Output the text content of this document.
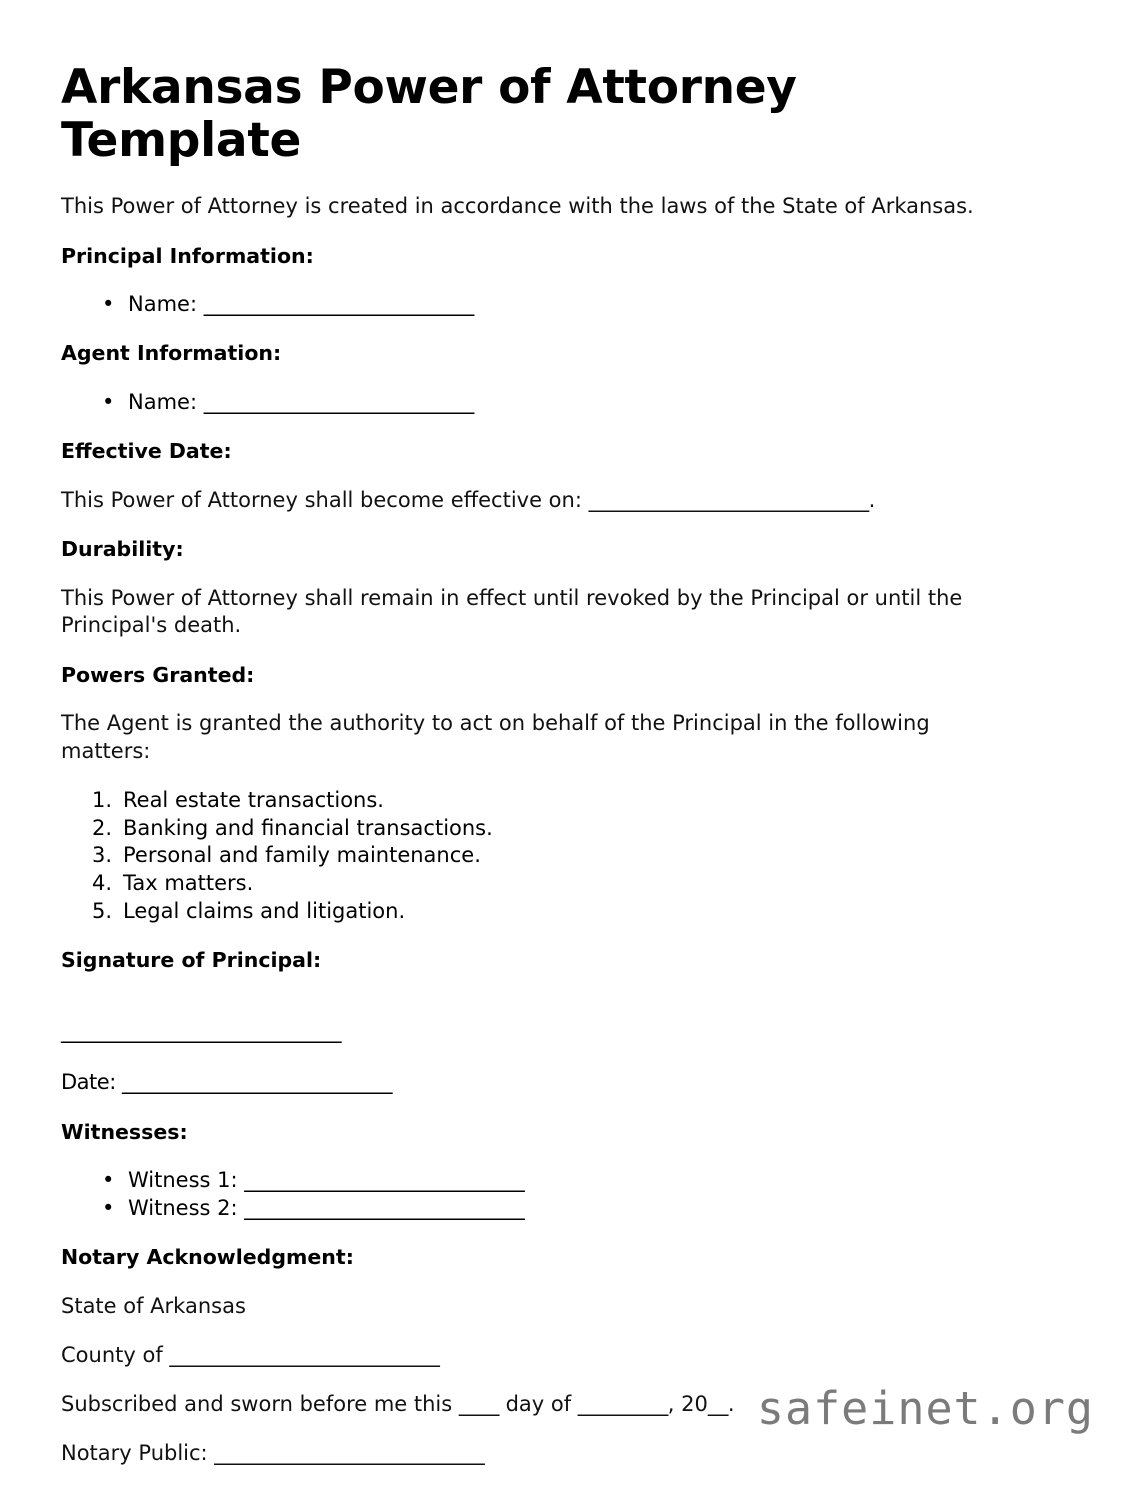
Arkansas Power of Attorney Template

This Power of Attorney is created in accordance with the laws of the State of Arkansas.

Principal Information:
• Name: ___________________________
Agent Information:
• Name: ___________________________
Effective Date:

This Power of Attorney shall become effective on: ____________________________.

Durability:

This Power of Attorney shall remain in effect until revoked by the Principal or until the Principal's death.

Powers Granted:

The Agent is granted the authority to act on behalf of the Principal in the following matters:

Real estate transactions.
Banking and financial transactions.
Personal and family maintenance.
Tax matters.
Legal claims and litigation.
Signature of Principal:
____________________________
Date: ___________________________
Witnesses:
• Witness 1: ____________________________
• Witness 2: ____________________________
Notary Acknowledgment:

State of Arkansas

County of ___________________________

Subscribed and sworn before me this ____ day of _________, 20__.

Notary Public: ___________________________

safeinet.org
